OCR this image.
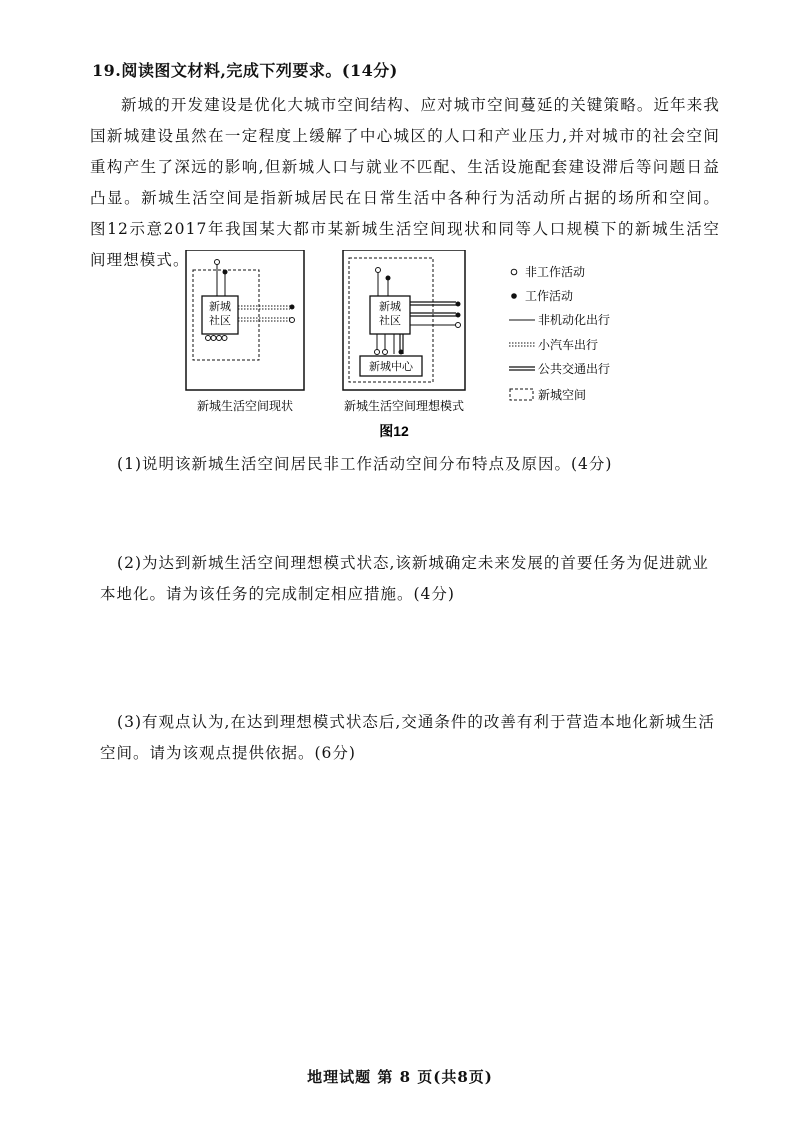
19.阅读图文材料,完成下列要求。(14分)
新城的开发建设是优化大城市空间结构、应对城市空间蔓延的关键策略。近年来我国新城建设虽然在一定程度上缓解了中心城区的人口和产业压力,并对城市的社会空间重构产生了深远的影响,但新城人口与就业不匹配、生活设施配套建设滞后等问题日益凸显。新城生活空间是指新城居民在日常生活中各种行为活动所占据的场所和空间。图12示意2017年我国某大都市某新城生活空间现状和同等人口规模下的新城生活空间理想模式。
新城
社区
新城生活空间现状
新城
社区
新城中心
新城生活空间理想模式
非工作活动
工作活动
非机动化出行
小汽车出行
公共交通出行
新城空间
图12
(1)说明该新城生活空间居民非工作活动空间分布特点及原因。(4分)
(2)为达到新城生活空间理想模式状态,该新城确定未来发展的首要任务为促进就业本地化。请为该任务的完成制定相应措施。(4分)
(3)有观点认为,在达到理想模式状态后,交通条件的改善有利于营造本地化新城生活空间。请为该观点提供依据。(6分)
地理试题 第 8 页(共8页)
